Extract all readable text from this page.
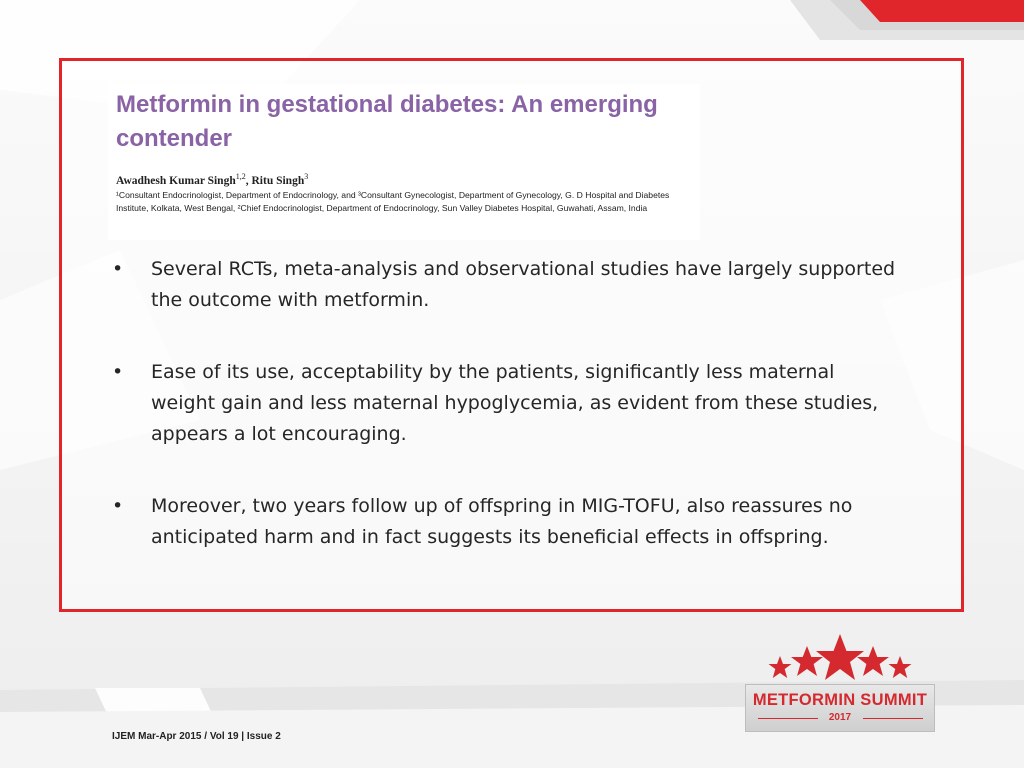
Metformin in gestational diabetes: An emerging contender

Awadhesh Kumar Singh$^{1,2}$, Ritu Singh$^3$

¹Consultant Endocrinologist, Department of Endocrinology, and ³Consultant Gynecologist, Department of Gynecology, G. D Hospital and Diabetes Institute, Kolkata, West Bengal, ²Chief Endocrinologist, Department of Endocrinology, Sun Valley Diabetes Hospital, Guwahati, Assam, India

• Several RCTs, meta-analysis and observational studies have largely supported the outcome with metformin.
• Ease of its use, acceptability by the patients, significantly less maternal weight gain and less maternal hypoglycemia, as evident from these studies, appears a lot encouraging.
• Moreover, two years follow up of offspring in MIG-TOFU, also reassures no anticipated harm and in fact suggests its beneficial effects in offspring.
IJEM Mar-Apr 2015 / Vol 19 | Issue 2
METFORMIN SUMMIT
2017
